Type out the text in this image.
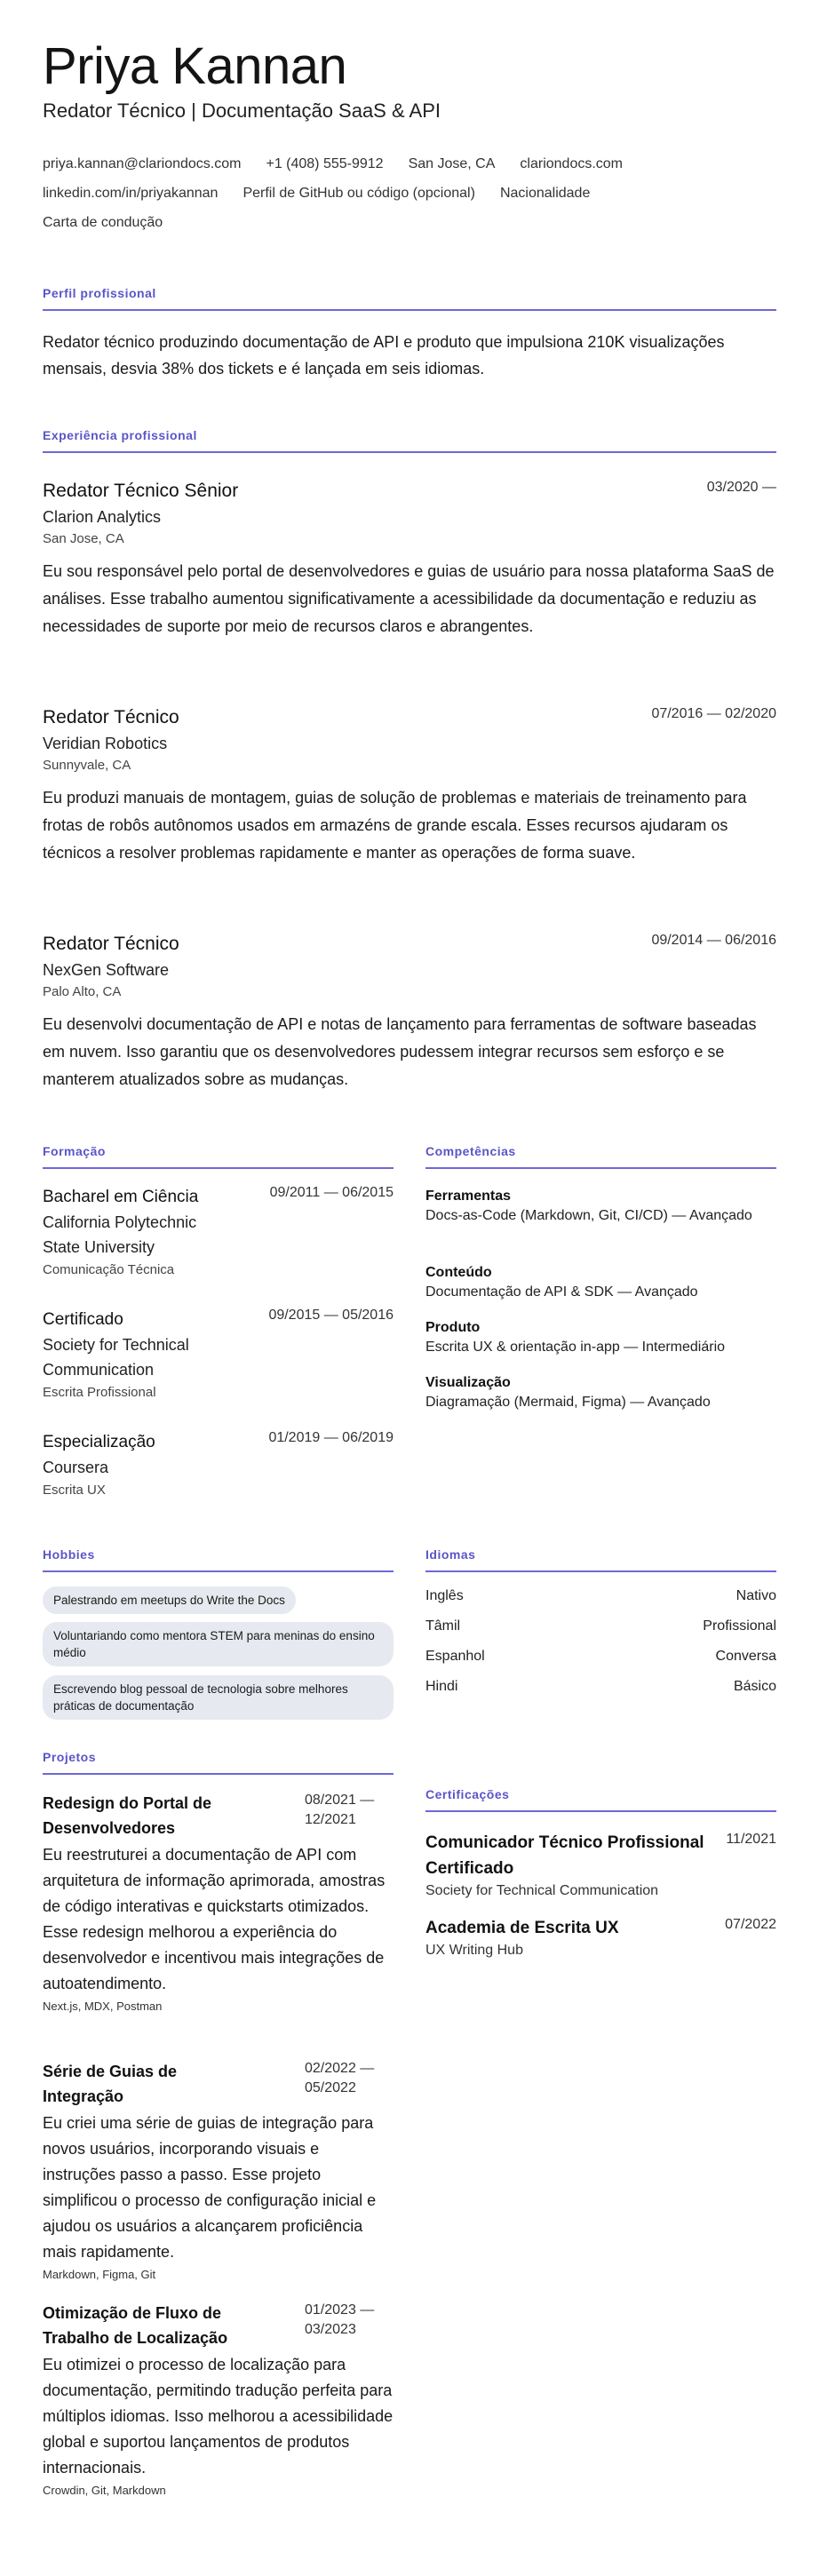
Priya Kannan
Redator Técnico | Documentação SaaS & API
priya.kannan@clariondocs.com +1 (408) 555-9912 San Jose, CA clariondocs.com
linkedin.com/in/priyakannan Perfil de GitHub ou código (opcional) Nacionalidade
Carta de condução
Perfil profissional
Redator técnico produzindo documentação de API e produto que impulsiona 210K visualizações mensais, desvia 38% dos tickets e é lançada em seis idiomas.
Experiência profissional
Redator Técnico Sênior	03/2020 —
Clarion Analytics
San Jose, CA
Eu sou responsável pelo portal de desenvolvedores e guias de usuário para nossa plataforma SaaS de análises. Esse trabalho aumentou significativamente a acessibilidade da documentação e reduziu as necessidades de suporte por meio de recursos claros e abrangentes.
Redator Técnico	07/2016 — 02/2020
Veridian Robotics
Sunnyvale, CA
Eu produzi manuais de montagem, guias de solução de problemas e materiais de treinamento para frotas de robôs autônomos usados em armazéns de grande escala. Esses recursos ajudaram os técnicos a resolver problemas rapidamente e manter as operações de forma suave.
Redator Técnico	09/2014 — 06/2016
NexGen Software
Palo Alto, CA
Eu desenvolvi documentação de API e notas de lançamento para ferramentas de software baseadas em nuvem. Isso garantiu que os desenvolvedores pudessem integrar recursos sem esforço e se manterem atualizados sobre as mudanças.
Formação
Bacharel em Ciência	09/2011 — 06/2015
California Polytechnic State University
Comunicação Técnica
Certificado	09/2015 — 05/2016
Society for Technical Communication
Escrita Profissional
Especialização	01/2019 — 06/2019
Coursera
Escrita UX
Competências
Ferramentas
Docs-as-Code (Markdown, Git, CI/CD) — Avançado
Conteúdo
Documentação de API & SDK — Avançado
Produto
Escrita UX & orientação in-app — Intermediário
Visualização
Diagramação (Mermaid, Figma) — Avançado
Hobbies
Palestrando em meetups do Write the Docs
Voluntariando como mentora STEM para meninas do ensino médio
Escrevendo blog pessoal de tecnologia sobre melhores práticas de documentação
Idiomas
Inglês	Nativo
Tâmil	Profissional
Espanhol	Conversa
Hindi	Básico
Projetos
Redesign do Portal de Desenvolvedores
08/2021 — 12/2021
Eu reestruturei a documentação de API com arquitetura de informação aprimorada, amostras de código interativas e quickstarts otimizados. Esse redesign melhorou a experiência do desenvolvedor e incentivou mais integrações de autoatendimento.
Next.js, MDX, Postman
Série de Guias de Integração
02/2022 — 05/2022
Eu criei uma série de guias de integração para novos usuários, incorporando visuais e instruções passo a passo. Esse projeto simplificou o processo de configuração inicial e ajudou os usuários a alcançarem proficiência mais rapidamente.
Markdown, Figma, Git
Otimização de Fluxo de Trabalho de Localização
01/2023 — 03/2023
Eu otimizei o processo de localização para documentação, permitindo tradução perfeita para múltiplos idiomas. Isso melhorou a acessibilidade global e suportou lançamentos de produtos internacionais.
Crowdin, Git, Markdown
Certificações
Comunicador Técnico Profissional Certificado
11/2021
Society for Technical Communication
Academia de Escrita UX	07/2022
UX Writing Hub
